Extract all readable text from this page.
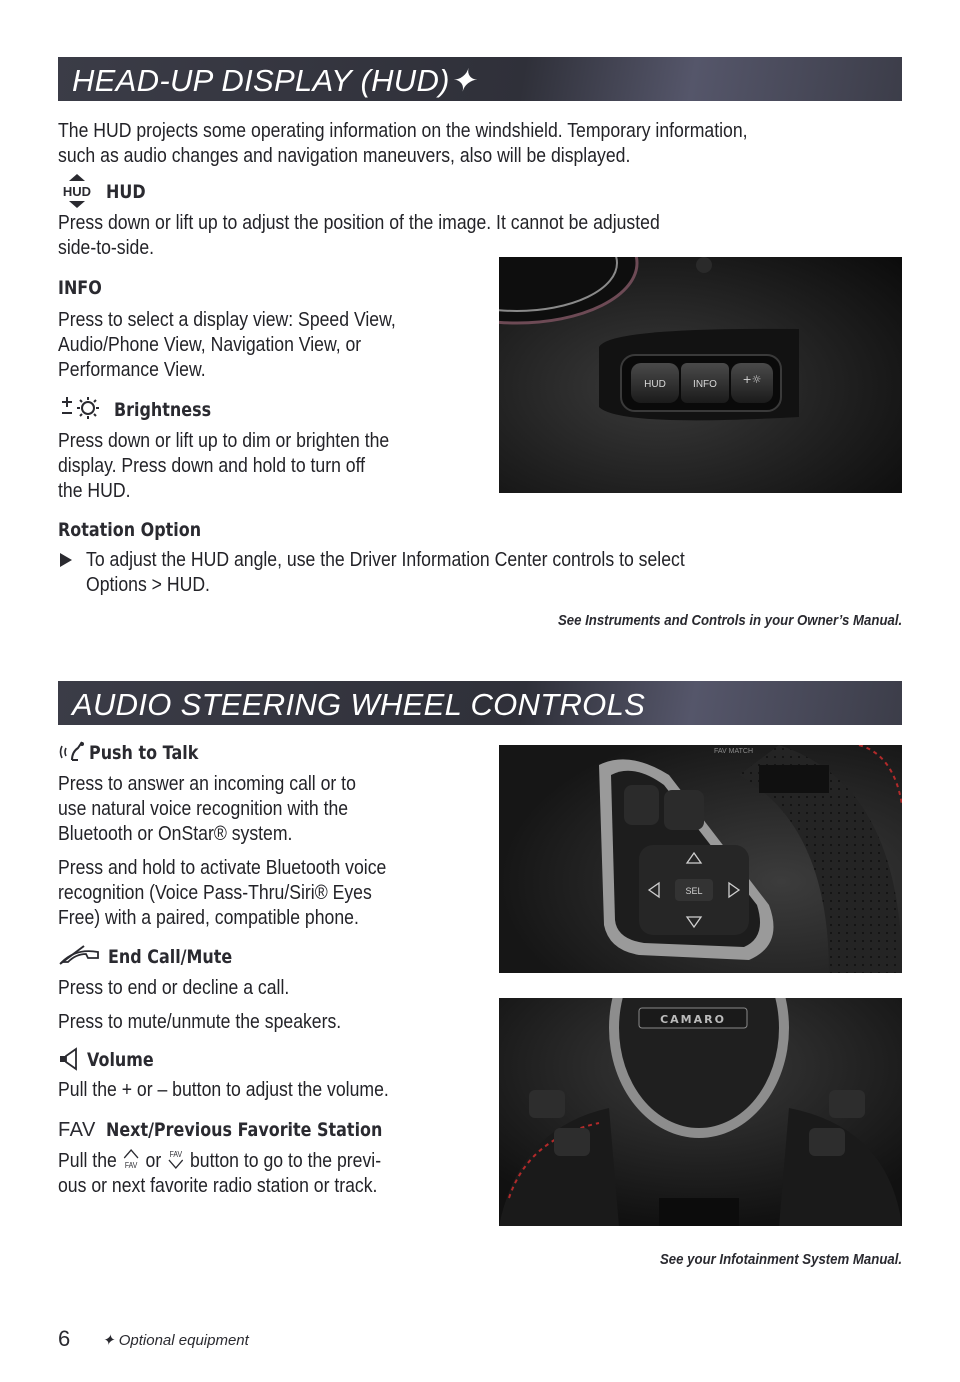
HEAD-UP DISPLAY (HUD)✦
The HUD projects some operating information on the windshield. Temporary information,
such as audio changes and navigation maneuvers, also will be displayed.
HUD HUD
Press down or lift up to adjust the position of the image. It cannot be adjusted
side-to-side.
INFO
Press to select a display view: Speed View,
Audio/Phone View, Navigation View, or
Performance View.
Brightness
Press down or lift up to dim or brighten the
display. Press down and hold to turn off
the HUD.
Rotation Option
To adjust the HUD angle, use the Driver Information Center controls to select
Options > HUD.
See Instruments and Controls in your Owner’s Manual.
HUD	INFO +☼
AUDIO STEERING WHEEL CONTROLS
Push to Talk
Press to answer an incoming call or to
use natural voice recognition with the
Bluetooth or OnStar® system.
Press and hold to activate Bluetooth voice
recognition (Voice Pass-Thru/Siri® Eyes
Free) with a paired, compatible phone.
End Call/Mute
Press to end or decline a call.
Press to mute/unmute the speakers.
Volume
Pull the + or – button to adjust the volume.
FAV Next/Previous Favorite Station
Pull the FAV or FAV button to go to the previ-
ous or next favorite radio station or track.
SEL
FAV MATCH
CAMARO
See your Infotainment System Manual.
6 ✦ Optional equipment
